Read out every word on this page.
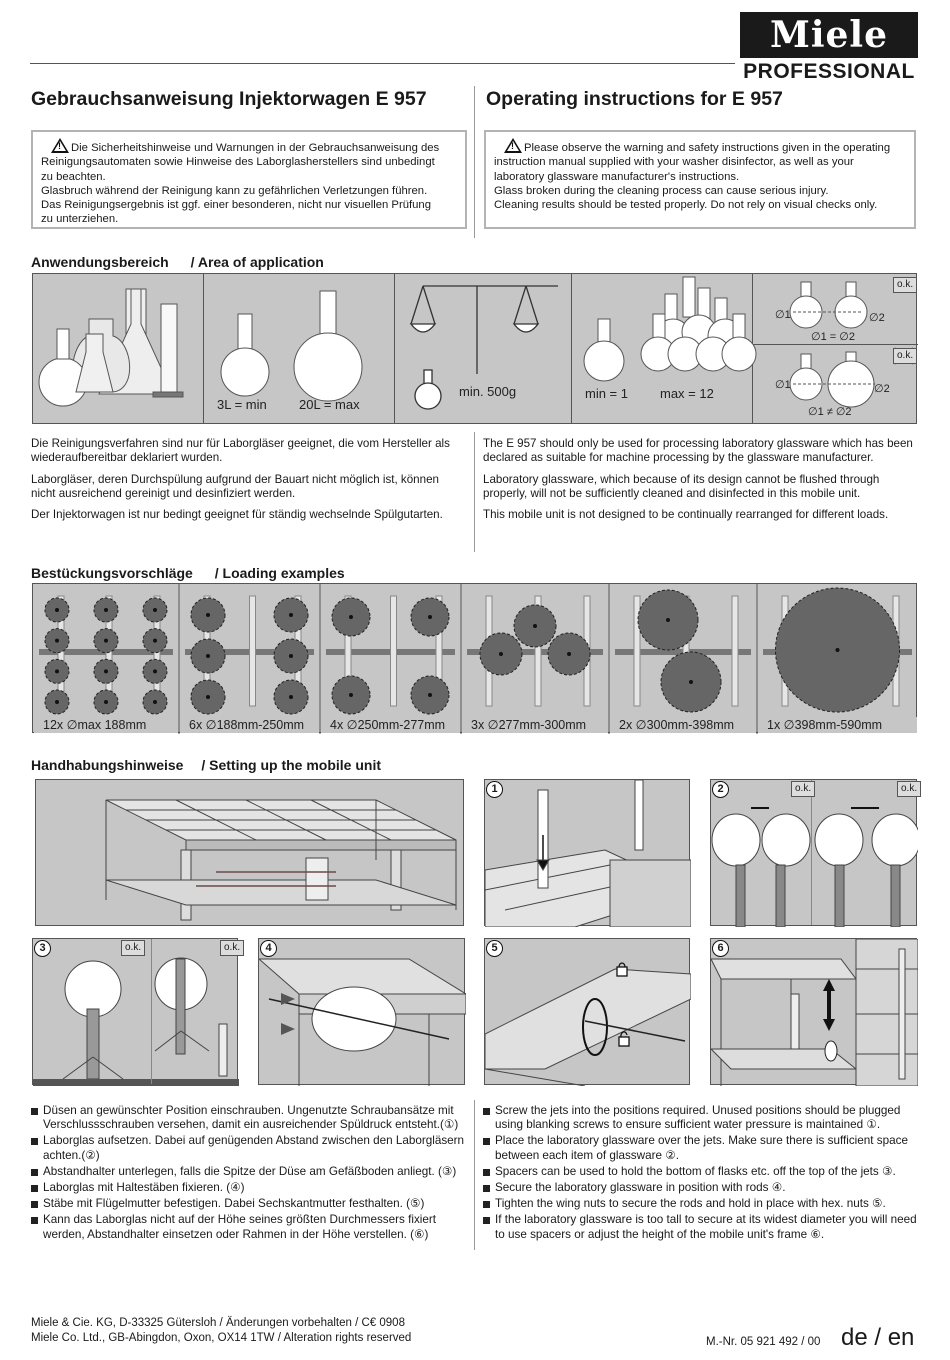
Miele
PROFESSIONAL
Gebrauchsanweisung Injektorwagen E 957	Operating instructions for E 957
!Die Sicherheitshinweise und Warnungen in der Gebrauchsanweisung des
Reinigungsautomaten sowie Hinweise des Laborglasherstellers sind unbedingt
zu beachten.
Glasbruch während der Reinigung kann zu gefährlichen Verletzungen führen.
Das Reinigungsergebnis ist ggf. einer besonderen, nicht nur visuellen Prüfung
zu unterziehen.
!Please observe the warning and safety instructions given in the operating
instruction manual supplied with your washer disinfector, as well as your
laboratory glassware manufacturer's instructions.
Glass broken during the cleaning process can cause serious injury.
Cleaning results should be tested properly. Do not rely on visual checks only.
Anwendungsbereich / Area of application
3L = min 20L = max
min. 500g	min = 1 max = 12
o.k.
o.k.
∅1	∅2
∅1 = ∅2
∅1	∅2
∅1 ≠ ∅2

Die Reinigungsverfahren sind nur für Laborgläser geeignet, die vom Hersteller als wiederaufbereitbar deklariert wurden.

Laborgläser, deren Durchspülung aufgrund der Bauart nicht möglich ist, können nicht ausreichend gereinigt und desinfiziert werden.

Der Injektorwagen ist nur bedingt geeignet für ständig wechselnde Spülgutarten.

The E 957 should only be used for processing laboratory glassware which has been declared as suitable for machine processing by the glassware manufacturer.

Laboratory glassware, which because of its design cannot be flushed through properly, will not be sufficiently cleaned and disinfected in this mobile unit.

This mobile unit is not designed to be continually rearranged for different loads.

Bestückungsvorschläge / Loading examples
12x ∅max 188mm	6x ∅188mm-250mm 4x ∅250mm-277mm 3x ∅277mm-300mm	2x ∅300mm-398mm	1x ∅398mm-590mm
Handhabungshinweise / Setting up the mobile unit
1	2	o.k.	o.k.
3	o.k.	o.k.	4	5	6
Düsen an gewünschter Position einschrauben. Ungenutzte Schraubansätze mit Verschlussschrauben versehen, damit ein ausreichender Spüldruck entsteht.(①)
Laborglas aufsetzen. Dabei auf genügenden Abstand zwischen den Laborgläsern achten.(②)
Abstandhalter unterlegen, falls die Spitze der Düse am Gefäßboden anliegt. (③)
Laborglas mit Haltestäben fixieren. (④)
Stäbe mit Flügelmutter befestigen. Dabei Sechskantmutter festhalten. (⑤)
Kann das Laborglas nicht auf der Höhe seines größten Durchmessers fixiert werden, Abstandhalter einsetzen oder Rahmen in der Höhe verstellen. (⑥)
Screw the jets into the positions required. Unused positions should be plugged using blanking screws to ensure sufficient water pressure is maintained ①.
Place the laboratory glassware over the jets. Make sure there is sufficient space between each item of glassware ②.
Spacers can be used to hold the bottom of flasks etc. off the top of the jets ③.
Secure the laboratory glassware in position with rods ④.
Tighten the wing nuts to secure the rods and hold in place with hex. nuts ⑤.
If the laboratory glassware is too tall to secure at its widest diameter you will need to use spacers or adjust the height of the mobile unit's frame ⑥.
Miele & Cie. KG, D-33325 Gütersloh / Änderungen vorbehalten / C€ 0908
Miele Co. Ltd., GB-Abingdon, Oxon, OX14 1TW / Alteration rights reserved	M.-Nr. 05 921 492 / 00 de / en
